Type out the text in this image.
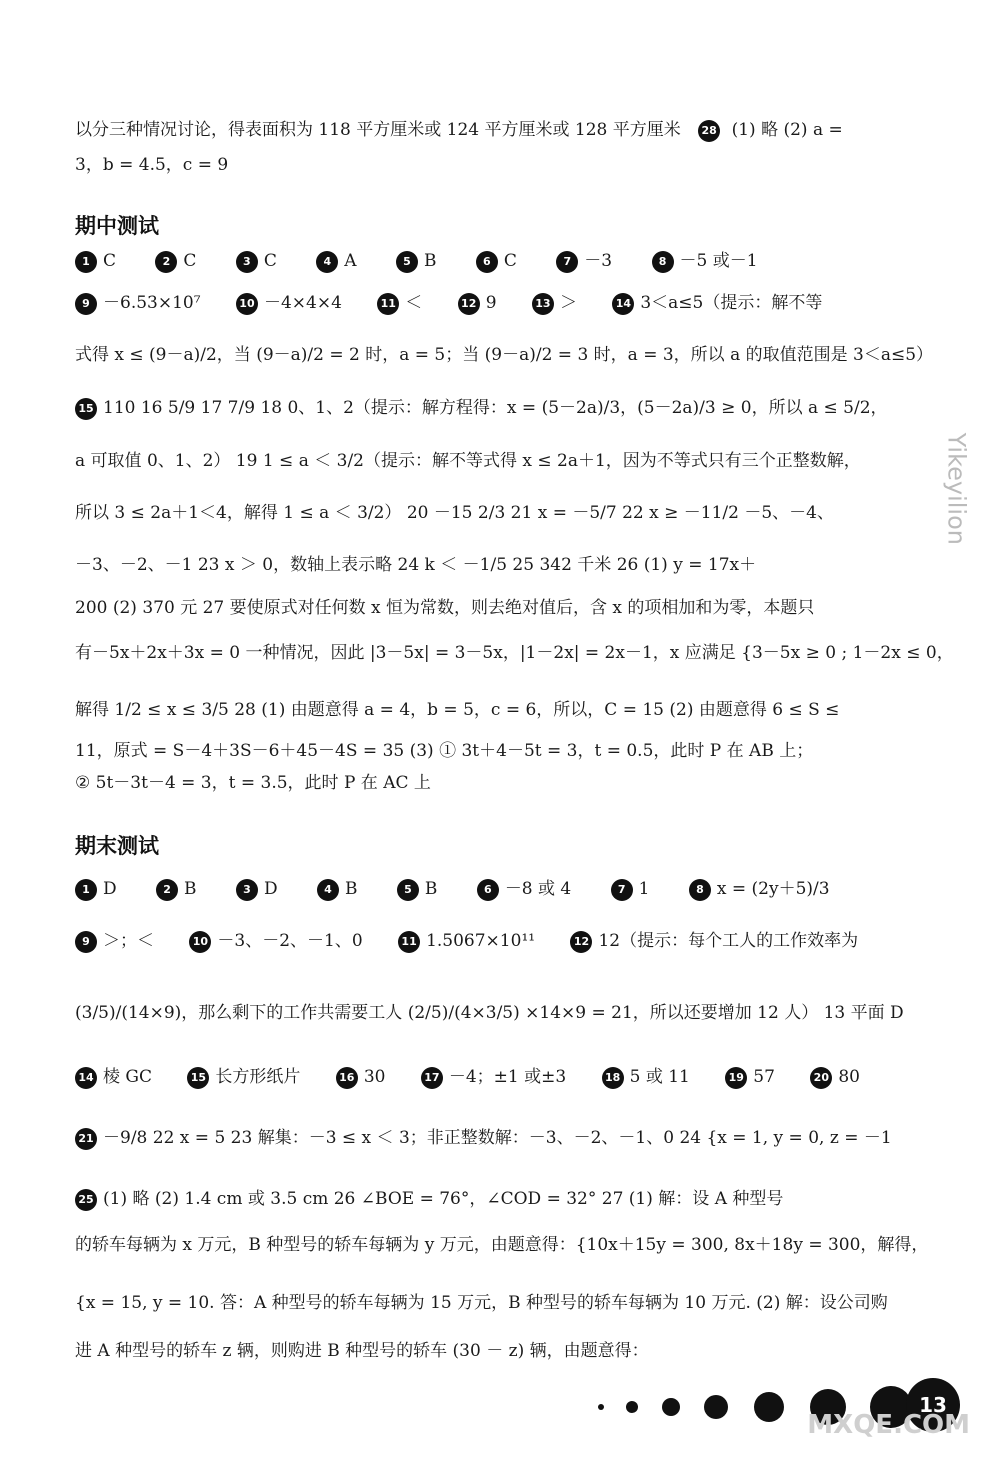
以分三种情况讨论，得表面积为 118 平方厘米或 124 平方厘米或 128 平方厘米 28 (1) 略 (2) a =
3，b = 4.5，c = 9
期中测试
1 C	2 C	3 C	4 A	5 B	6 C	7 －3	8 －5 或－1
9 －6.53×10⁷	10 －4×4×4	11 ＜	12 9	13 ＞	14 3＜a≤5（提示：解不等
式得 x ≤ (9－a)/2，当 (9－a)/2 = 2 时，a = 5；当 (9－a)/2 = 3 时，a = 3，所以 a 的取值范围是 3＜a≤5）
15 110 16 5/9 17 7/9 18 0、1、2（提示：解方程得：x = (5－2a)/3，(5－2a)/3 ≥ 0，所以 a ≤ 5/2，
a 可取值 0、1、2） 19 1 ≤ a ＜ 3/2（提示：解不等式得 x ≤ 2a＋1，因为不等式只有三个正整数解，
所以 3 ≤ 2a＋1＜4，解得 1 ≤ a ＜ 3/2） 20 －15 2/3 21 x = －5/7 22 x ≥ －11/2 －5、－4、
－3、－2、－1 23 x ＞ 0，数轴上表示略 24 k ＜ －1/5 25 342 千米 26 (1) y = 17x＋
200 (2) 370 元 27 要使原式对任何数 x 恒为常数，则去绝对值后，含 x 的项相加和为零，本题只
有－5x＋2x＋3x = 0 一种情况，因此 |3－5x| = 3－5x，|1－2x| = 2x－1，x 应满足 {3－5x ≥ 0 ; 1－2x ≤ 0，
解得 1/2 ≤ x ≤ 3/5 28 (1) 由题意得 a = 4，b = 5，c = 6，所以，C = 15 (2) 由题意得 6 ≤ S ≤
11，原式 = S－4＋3S－6＋45－4S = 35 (3) ① 3t＋4－5t = 3，t = 0.5，此时 P 在 AB 上；
② 5t－3t－4 = 3，t = 3.5，此时 P 在 AC 上
期末测试
1 D	2 B	3 D	4 B	5 B	6 －8 或 4	7 1	8 x = (2y＋5)/3
9 ＞；＜	10 －3、－2、－1、0	11 1.5067×10¹¹	12 12（提示：每个工人的工作效率为
(3/5)/(14×9)，那么剩下的工作共需要工人 (2/5)/(4×3/5) ×14×9 = 21，所以还要增加 12 人） 13 平面 D
14 棱 GC	15 长方形纸片	16 30	17 －4；±1 或±3	18 5 或 11	19 57	20 80
21 －9/8 22 x = 5 23 解集：－3 ≤ x ＜ 3；非正整数解：－3、－2、－1、0 24 {x = 1, y = 0, z = －1
25 (1) 略 (2) 1.4 cm 或 3.5 cm 26 ∠BOE = 76°，∠COD = 32° 27 (1) 解：设 A 种型号
的轿车每辆为 x 万元，B 种型号的轿车每辆为 y 万元，由题意得：{10x＋15y = 300, 8x＋18y = 300，解得，
{x = 15, y = 10. 答：A 种型号的轿车每辆为 15 万元，B 种型号的轿车每辆为 10 万元. (2) 解：设公司购
进 A 种型号的轿车 z 辆，则购进 B 种型号的轿车 (30 － z) 辆，由题意得：
13
Yikeyilion
MXQE.COM
